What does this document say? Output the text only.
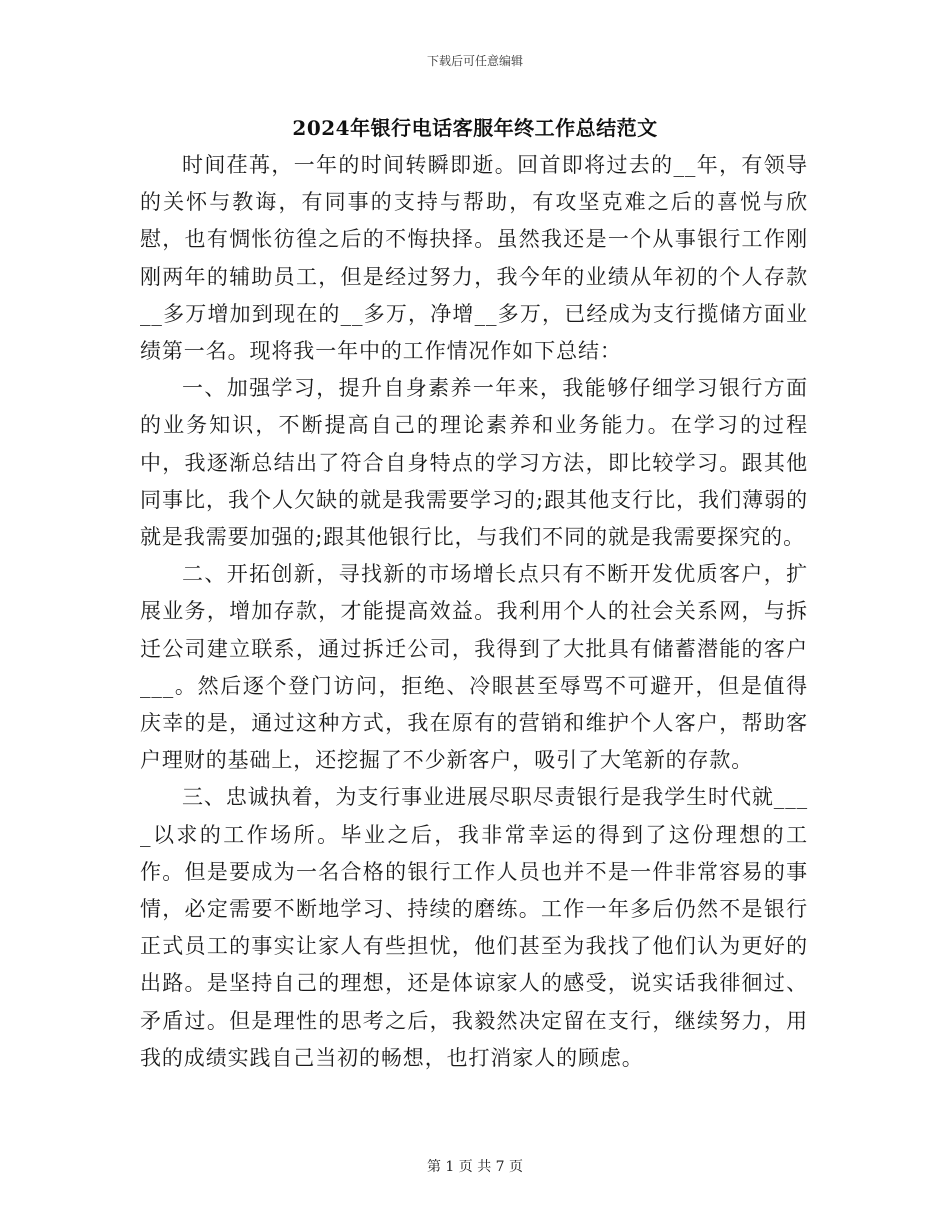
下载后可任意编辑
2024年银行电话客服年终工作总结范文

时间荏苒，一年的时间转瞬即逝。回首即将过去的__年，有领导的关怀与教诲，有同事的支持与帮助，有攻坚克难之后的喜悦与欣慰，也有惆怅彷徨之后的不悔抉择。虽然我还是一个从事银行工作刚刚两年的辅助员工，但是经过努力，我今年的业绩从年初的个人存款__多万增加到现在的__多万，净增__多万，已经成为支行揽储方面业绩第一名。现将我一年中的工作情况作如下总结：

一、加强学习，提升自身素养一年来，我能够仔细学习银行方面的业务知识，不断提高自己的理论素养和业务能力。在学习的过程中，我逐渐总结出了符合自身特点的学习方法，即比较学习。跟其他同事比，我个人欠缺的就是我需要学习的;跟其他支行比，我们薄弱的就是我需要加强的;跟其他银行比，与我们不同的就是我需要探究的。

二、开拓创新，寻找新的市场增长点只有不断开发优质客户，扩展业务，增加存款，才能提高效益。我利用个人的社会关系网，与拆迁公司建立联系，通过拆迁公司，我得到了大批具有储蓄潜能的客户___。然后逐个登门访问，拒绝、冷眼甚至辱骂不可避开，但是值得庆幸的是，通过这种方式，我在原有的营销和维护个人客户，帮助客户理财的基础上，还挖掘了不少新客户，吸引了大笔新的存款。

三、忠诚执着，为支行事业进展尽职尽责银行是我学生时代就____以求的工作场所。毕业之后，我非常幸运的得到了这份理想的工作。但是要成为一名合格的银行工作人员也并不是一件非常容易的事情，必定需要不断地学习、持续的磨练。工作一年多后仍然不是银行正式员工的事实让家人有些担忧，他们甚至为我找了他们认为更好的出路。是坚持自己的理想，还是体谅家人的感受，说实话我徘徊过、矛盾过。但是理性的思考之后，我毅然决定留在支行，继续努力，用我的成绩实践自己当初的畅想，也打消家人的顾虑。

第 1 页 共 7 页
